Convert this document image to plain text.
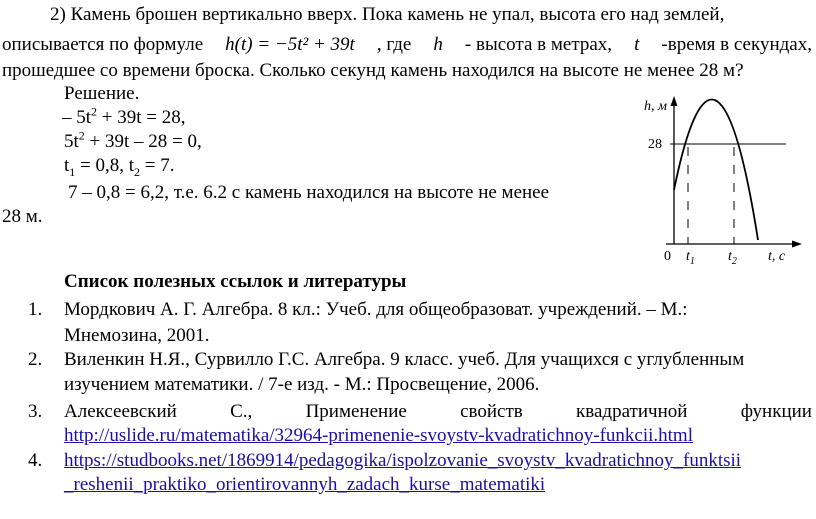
2) Камень брошен вертикально вверх. Пока камень не упал, высота его над землей,
описывается по формуле h(t) = −5t² + 39t , где h - высота в метрах, t -время в секундах,
прошедшее со времени броска. Сколько секунд камень находился на высоте не менее 28 м?
Решение.
– $5t^2 + 39t = 28$,
$5t^2 + 39t - 28 = 0$,
$t_1 = 0,8$, $t_2 = 7$.
7 – 0,8 = 6,2, т.е. 6.2 с камень находился на высоте не менее
28 м.
h, м
28
0 $t_1$ $t_2$ t, с
Список полезных ссылок и литературы
1. Мордкович А. Г. Алгебра. 8 кл.: Учеб. для общеобразоват. учреждений. – М.:
Мнемозина, 2001.
2. Виленкин Н.Я., Сурвилло Г.С. Алгебра. 9 класс. учеб. Для учащихся с углубленным
изучением математики. / 7-е изд. - М.: Просвещение, 2006.
3. Алексеевский	С.,	Применение	свойств	квадратичной	функции
http://uslide.ru/matematika/32964-primenenie-svoystv-kvadratichnoy-funkcii.html
4. https://studbooks.net/1869914/pedagogika/ispolzovanie_svoystv_kvadratichnoy_funktsii
_reshenii_praktiko_orientirovannyh_zadach_kurse_matematiki
